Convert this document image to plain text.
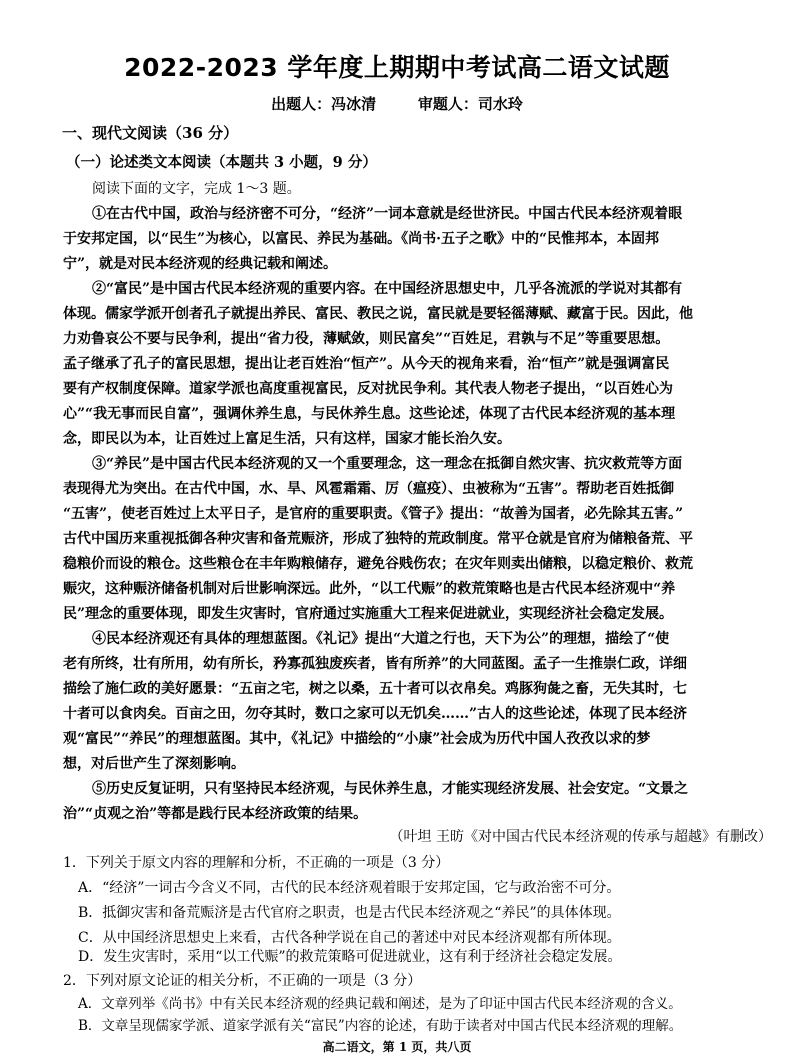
2022-2023 学年度上期期中考试高二语文试题
出题人：冯冰清        审题人：司水玲
一、现代文阅读（36 分）
（一）论述类文本阅读（本题共 3 小题，9 分）
阅读下面的文字，完成 1～3 题。
①在古代中国，政治与经济密不可分，“经济”一词本意就是经世济民。中国古代民本经济观着眼
于安邦定国，以“民生”为核心，以富民、养民为基础。《尚书·五子之歌》中的“民惟邦本，本固邦
宁”，就是对民本经济观的经典记载和阐述。
②“富民”是中国古代民本经济观的重要内容。在中国经济思想史中，几乎各流派的学说对其都有
体现。儒家学派开创者孔子就提出养民、富民、教民之说，富民就是要轻徭薄赋、藏富于民。因此，他
力劝鲁哀公不要与民争利，提出“省力役，薄赋敛，则民富矣”“百姓足，君孰与不足”等重要思想。
孟子继承了孔子的富民思想，提出让老百姓治“恒产”。从今天的视角来看，治“恒产”就是强调富民
要有产权制度保障。道家学派也高度重视富民，反对扰民争利。其代表人物老子提出，“以百姓心为
心”“我无事而民自富”，强调休养生息，与民休养生息。这些论述，体现了古代民本经济观的基本理
念，即民以为本，让百姓过上富足生活，只有这样，国家才能长治久安。
③“养民”是中国古代民本经济观的又一个重要理念，这一理念在抵御自然灾害、抗灾救荒等方面
表现得尤为突出。在古代中国，水、旱、风雹霜霜、厉（瘟疫）、虫被称为“五害”。帮助老百姓抵御
“五害”，使老百姓过上太平日子，是官府的重要职责。《管子》提出：“故善为国者，必先除其五害。”
古代中国历来重视抵御各种灾害和备荒赈济，形成了独特的荒政制度。常平仓就是官府为储粮备荒、平
稳粮价而设的粮仓。这些粮仓在丰年购粮储存，避免谷贱伤农；在灾年则卖出储粮，以稳定粮价、救荒
赈灾，这种赈济储备机制对后世影响深远。此外，“以工代赈”的救荒策略也是古代民本经济观中“养
民”理念的重要体现，即发生灾害时，官府通过实施重大工程来促进就业，实现经济社会稳定发展。
④民本经济观还有具体的理想蓝图。《礼记》提出“大道之行也，天下为公”的理想，描绘了“使
老有所终，壮有所用，幼有所长，矜寡孤独废疾者，皆有所养”的大同蓝图。孟子一生推崇仁政，详细
描绘了施仁政的美好愿景：“五亩之宅，树之以桑，五十者可以衣帛矣。鸡豚狗彘之畜，无失其时，七
十者可以食肉矣。百亩之田，勿夺其时，数口之家可以无饥矣……”古人的这些论述，体现了民本经济
观“富民”“养民”的理想蓝图。其中，《礼记》中描绘的“小康”社会成为历代中国人孜孜以求的梦
想，对后世产生了深刻影响。
⑤历史反复证明，只有坚持民本经济观，与民休养生息，才能实现经济发展、社会安定。“文景之
治”“贞观之治”等都是践行民本经济政策的结果。
（叶坦 王昉《对中国古代民本经济观的传承与超越》有删改）
1．下列关于原文内容的理解和分析，不正确的一项是（3 分）
A．“经济”一词古今含义不同，古代的民本经济观着眼于安邦定国，它与政治密不可分。
B．抵御灾害和备荒赈济是古代官府之职责，也是古代民本经济观之“养民”的具体体现。
C．从中国经济思想史上来看，古代各种学说在自己的著述中对民本经济观都有所体现。
D．发生灾害时，采用“以工代赈”的救荒策略可促进就业，这有利于经济社会稳定发展。
2．下列对原文论证的相关分析，不正确的一项是（3 分）
A．文章列举《尚书》中有关民本经济观的经典记载和阐述，是为了印证中国古代民本经济观的含义。
B．文章呈现儒家学派、道家学派有关“富民”内容的论述，有助于读者对中国古代民本经济观的理解。
高二语文，第 1 页，共八页
